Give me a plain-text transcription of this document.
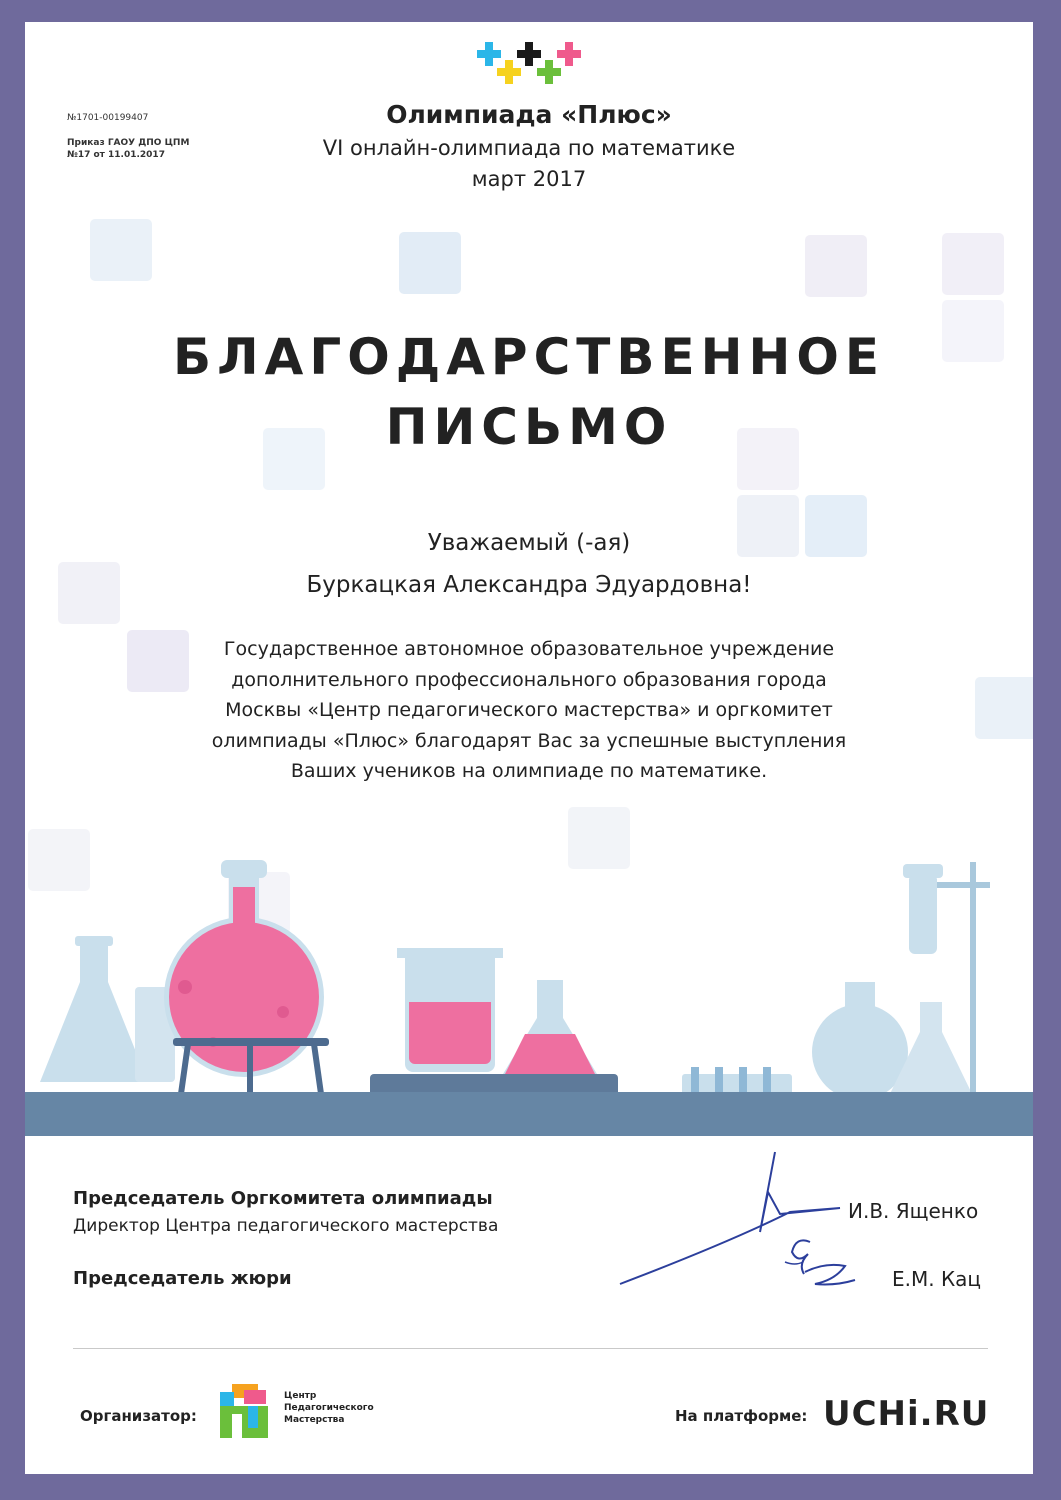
№1701-00199407
Приказ ГАОУ ДПО ЦПМ
№17 от 11.01.2017
Олимпиада «Плюс»
VI онлайн-олимпиада по математике
март 2017
БЛАГОДАРСТВЕННОЕ
ПИСЬМО
Уважаемый (-ая)
Буркацкая Александра Эдуардовна!
Государственное автономное образовательное учреждение
дополнительного профессионального образования города
Москвы «Центр педагогического мастерства» и оргкомитет
олимпиады «Плюс» благодарят Вас за успешные выступления
Ваших учеников на олимпиаде по математике.
Председатель Оргкомитета олимпиады
Директор Центра педагогического мастерства
Председатель жюри
И.В. Ященко
Е.М. Кац
Организатор:
Центр
Педагогического
Мастерства	На платформе: UCHi.RU
